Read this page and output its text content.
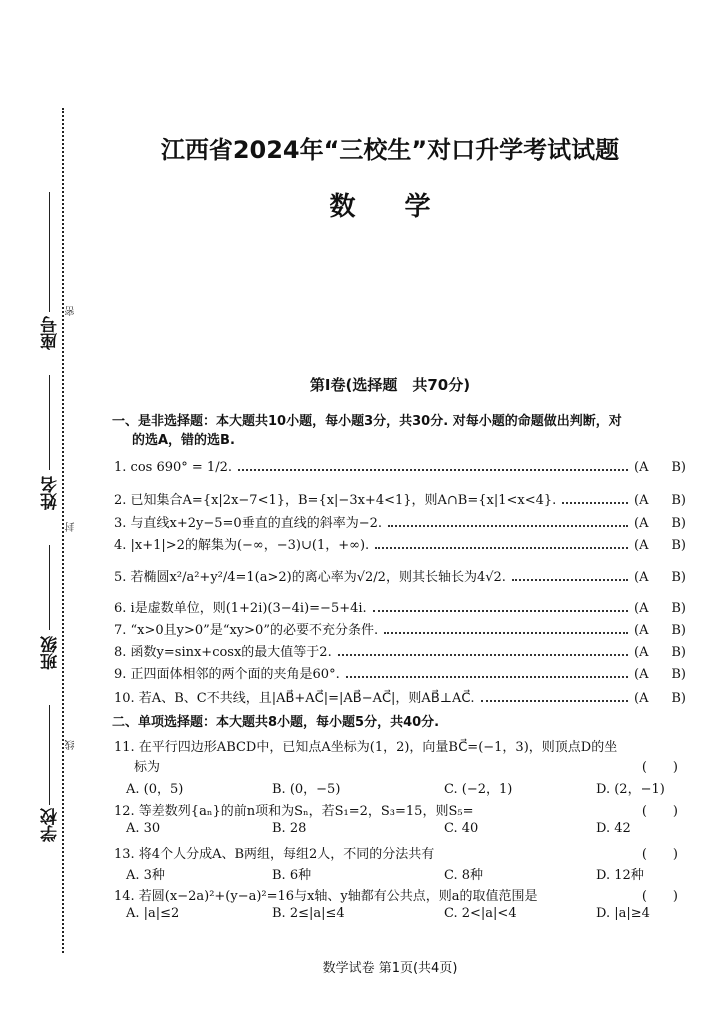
座号
密
姓名
封
班级
线
学校
江西省2024年“三校生”对口升学考试试题
数 学
第Ⅰ卷(选择题　共70分)
一、是非选择题：本大题共10小题，每小题3分，共30分. 对每小题的命题做出判断，对
的选A，错的选B.
1. cos 690° = 1/2.	(A B)
2. 已知集合A={x|2x−7<1}，B={x|−3x+4<1}，则A∩B={x|1<x<4}.	(A B)
3. 与直线x+2y−5=0垂直的直线的斜率为−2.	(A B)
4. |x+1|>2的解集为(−∞，−3)∪(1，+∞).	(A B)
5. 若椭圆x²/a²+y²/4=1(a>2)的离心率为√2/2，则其长轴长为4√2.	(A B)
6. i是虚数单位，则(1+2i)(3−4i)=−5+4i.	(A B)
7. “x>0且y>0”是“xy>0”的必要不充分条件.	(A B)
8. 函数y=sinx+cosx的最大值等于2.	(A B)
9. 正四面体相邻的两个面的夹角是60°.	(A B)
10. 若A、B、C不共线，且|AB⃗+AC⃗|=|AB⃗−AC⃗|，则AB⃗⊥AC⃗.	(A B)
二、单项选择题：本大题共8小题，每小题5分，共40分.
11. 在平行四边形ABCD中，已知点A坐标为(1，2)，向量BC⃗=(−1，3)，则顶点D的坐
标为	(　　)
A. (0，5)	B. (0，−5)	C. (−2，1)	D. (2，−1)
12. 等差数列{aₙ}的前n项和为Sₙ，若S₁=2，S₃=15，则S₅=	(　　)
A. 30	B. 28	C. 40	D. 42
13. 将4个人分成A、B两组，每组2人，不同的分法共有	(　　)
A. 3种	B. 6种	C. 8种	D. 12种
14. 若圆(x−2a)²+(y−a)²=16与x轴、y轴都有公共点，则a的取值范围是	(　　)
A. |a|≤2	B. 2≤|a|≤4	C. 2<|a|<4	D. |a|≥4
数学试卷 第1页(共4页)
